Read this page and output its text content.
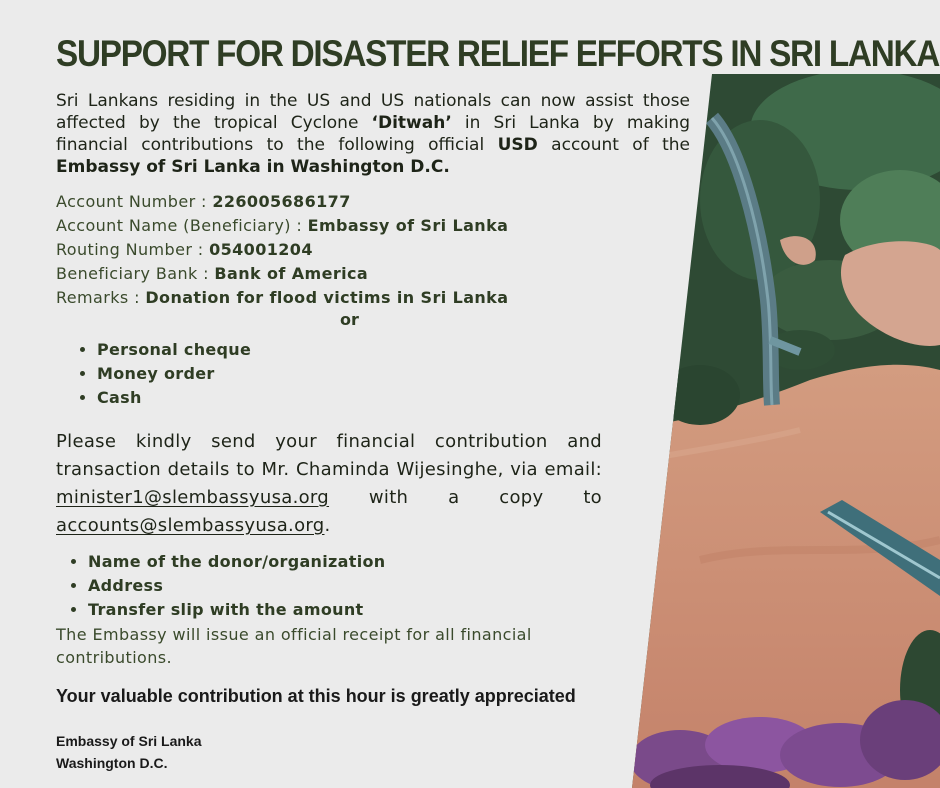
SUPPORT FOR DISASTER RELIEF EFFORTS IN SRI LANKA
Sri Lankans residing in the US and US nationals can now assist those affected by the tropical Cyclone ‘Ditwah’ in Sri Lanka by making financial contributions to the following official USD account of the Embassy of Sri Lanka in Washington D.C.
Account Number : 226005686177
Account Name (Beneficiary) : Embassy of Sri Lanka
Routing Number : 054001204
Beneficiary Bank : Bank of America
Remarks : Donation for flood victims in Sri Lanka
or
• Personal cheque
• Money order
• Cash
Please kindly send your financial contribution and transaction details to Mr. Chaminda Wijesinghe, via email: minister1@slembassyusa.org with a copy to accounts@slembassyusa.org.
• Name of the donor/organization
• Address
• Transfer slip with the amount
The Embassy will issue an official receipt for all financial contributions.
Your valuable contribution at this hour is greatly appreciated
Embassy of Sri Lanka
Washington D.C.
